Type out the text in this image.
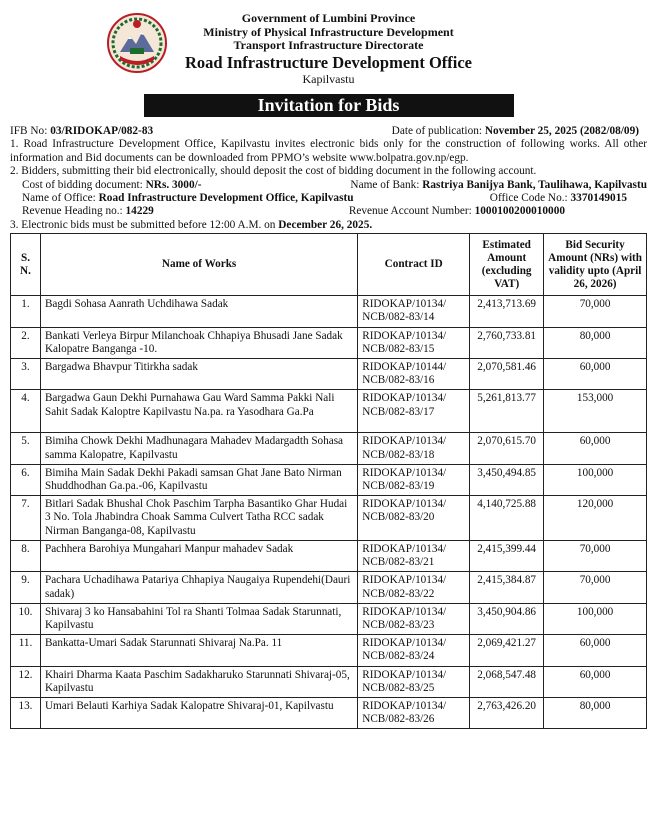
Government of Lumbini Province
Ministry of Physical Infrastructure Development
Transport Infrastructure Directorate
Road Infrastructure Development Office
Kapilvastu
Invitation for Bids
IFB No: 03/RIDOKAP/082-83	Date of publication: November 25, 2025 (2082/08/09)
1. Road Infrastructure Development Office, Kapilvastu invites electronic bids only for the construction of following works. All other information and Bid documents can be downloaded from PPMO’s website www.bolpatra.gov.np/egp.
2. Bidders, submitting their bid electronically, should deposit the cost of bidding document in the following account.
Cost of bidding document: NRs. 3000/-	Name of Bank: Rastriya Banijya Bank, Taulihawa, Kapilvastu
Name of Office: Road Infrastructure Development Office, Kapilvastu	Office Code No.: 3370149015
Revenue Heading no.: 14229	Revenue Account Number: 1000100200010000
3. Electronic bids must be submitted before 12:00 A.M. on December 26, 2025.
S. N.	Name of Works	Contract ID	Estimated Amount (excluding VAT)	Bid Security Amount (NRs) with validity upto (April 26, 2026)
1.	Bagdi Sohasa Aanrath Uchdihawa Sadak	RIDOKAP/10134/ NCB/082-83/14	2,413,713.69	70,000
2.	Bankati Verleya Birpur Milanchoak Chhapiya Bhusadi Jane Sadak Kalopatre Banganga -10.	RIDOKAP/10134/ NCB/082-83/15	2,760,733.81	80,000
3.	Bargadwa Bhavpur Titirkha sadak	RIDOKAP/10144/ NCB/082-83/16	2,070,581.46	60,000
4.	Bargadwa Gaun Dekhi Purnahawa Gau Ward Samma Pakki Nali Sahit Sadak Kaloptre Kapilvastu Na.pa. ra Yasodhara Ga.Pa	RIDOKAP/10134/ NCB/082-83/17	5,261,813.77	153,000
5.	Bimiha Chowk Dekhi Madhunagara Mahadev Madargadth Sohasa samma Kalopatre, Kapilvastu	RIDOKAP/10134/ NCB/082-83/18	2,070,615.70	60,000
6.	Bimiha Main Sadak Dekhi Pakadi samsan Ghat Jane Bato Nirman Shuddhodhan Ga.pa.-06, Kapilvastu	RIDOKAP/10134/ NCB/082-83/19	3,450,494.85	100,000
7.	Bitlari Sadak Bhushal Chok Paschim Tarpha Basantiko Ghar Hudai 3 No. Tola Jhabindra Choak Samma Culvert Tatha RCC sadak Nirman Banganga-08, Kapilvastu	RIDOKAP/10134/ NCB/082-83/20	4,140,725.88	120,000
8.	Pachhera Barohiya Mungahari Manpur mahadev Sadak	RIDOKAP/10134/ NCB/082-83/21	2,415,399.44	70,000
9.	Pachara Uchadihawa Patariya Chhapiya Naugaiya Rupendehi(Dauri sadak)	RIDOKAP/10134/ NCB/082-83/22	2,415,384.87	70,000
10.	Shivaraj 3 ko Hansabahini Tol ra Shanti Tolmaa Sadak Starunnati, Kapilvastu	RIDOKAP/10134/ NCB/082-83/23	3,450,904.86	100,000
11.	Bankatta-Umari Sadak Starunnati Shivaraj Na.Pa. 11	RIDOKAP/10134/ NCB/082-83/24	2,069,421.27	60,000
12.	Khairi Dharma Kaata Paschim Sadakharuko Starunnati Shivaraj-05, Kapilvastu	RIDOKAP/10134/ NCB/082-83/25	2,068,547.48	60,000
13.	Umari Belauti Karhiya Sadak Kalopatre Shivaraj-01, Kapilvastu	RIDOKAP/10134/ NCB/082-83/26	2,763,426.20	80,000
